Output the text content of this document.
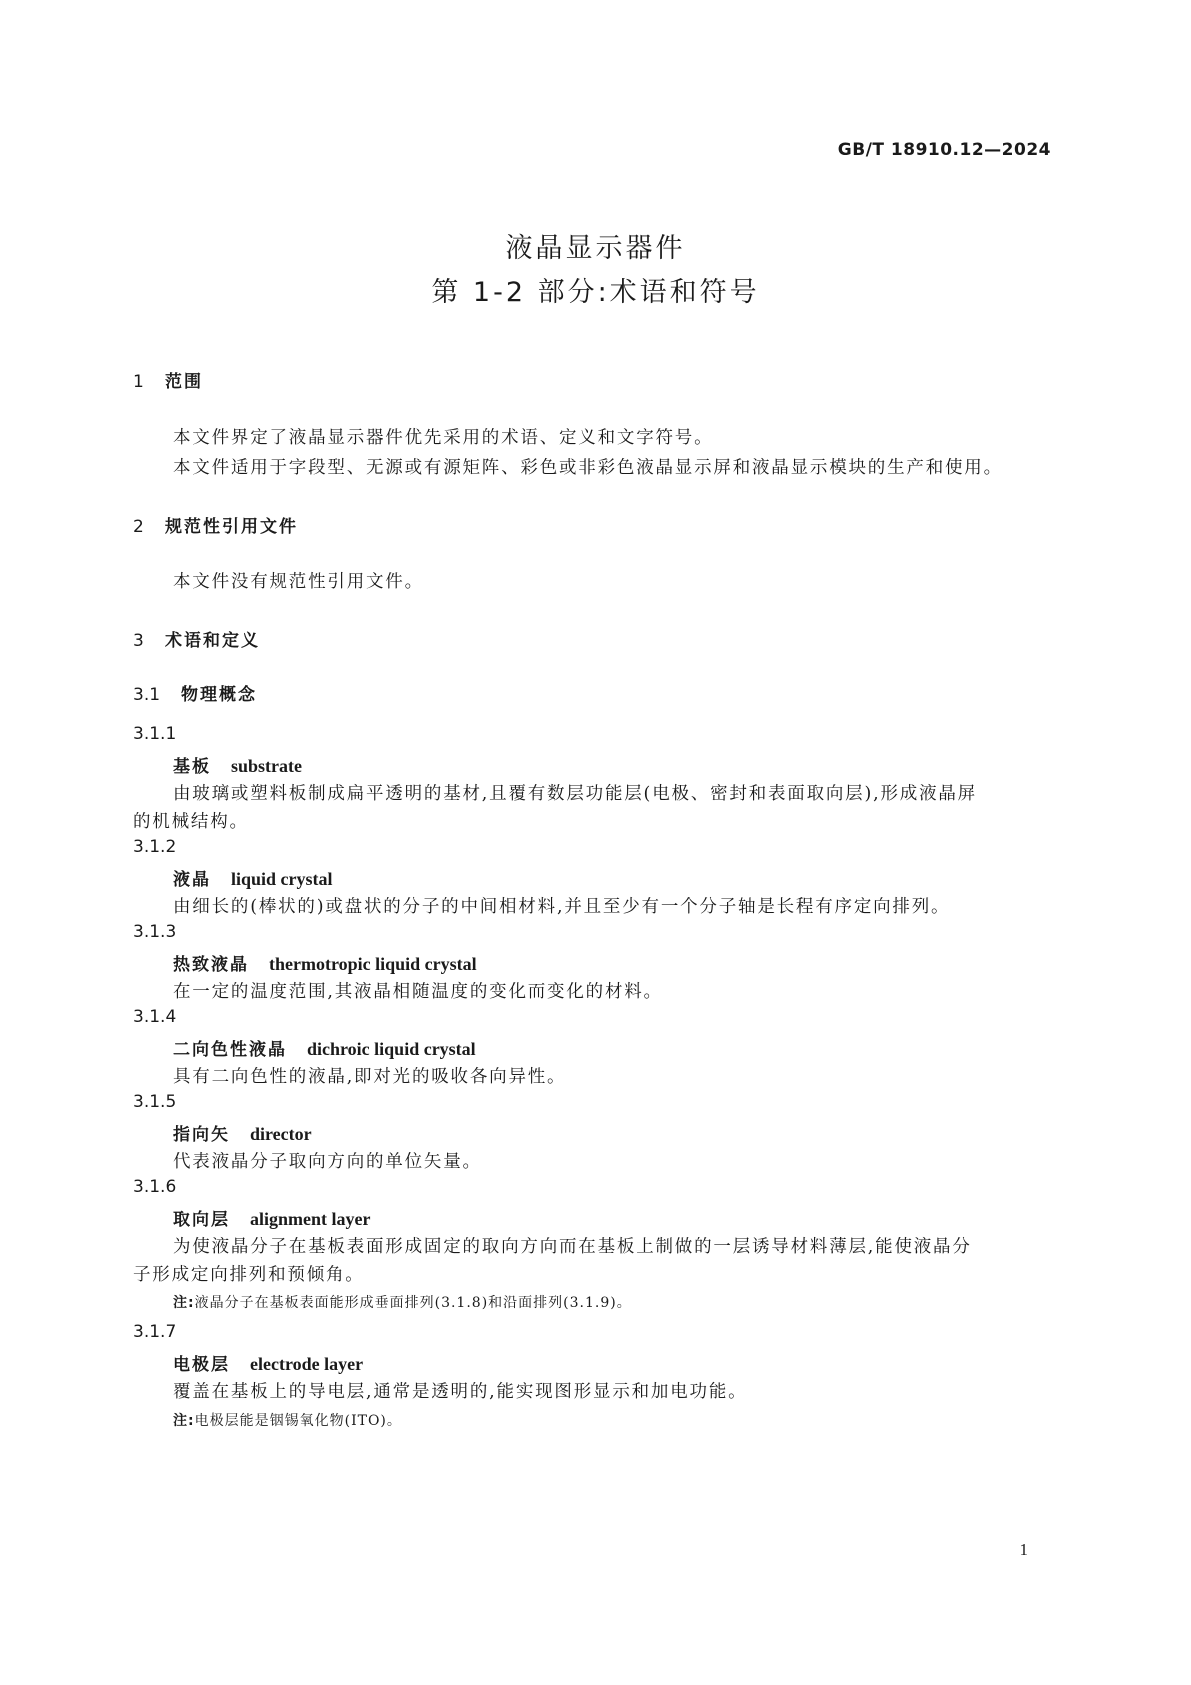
GB/T 18910.12—2024
液晶显示器件
第 1-2 部分:术语和符号
1 范围
本文件界定了液晶显示器件优先采用的术语、定义和文字符号。
本文件适用于字段型、无源或有源矩阵、彩色或非彩色液晶显示屏和液晶显示模块的生产和使用。
2 规范性引用文件
本文件没有规范性引用文件。
3 术语和定义
3.1 物理概念
3.1.1
基板 substrate
由玻璃或塑料板制成扁平透明的基材,且覆有数层功能层(电极、密封和表面取向层),形成液晶屏
的机械结构。
3.1.2
液晶 liquid crystal
由细长的(棒状的)或盘状的分子的中间相材料,并且至少有一个分子轴是长程有序定向排列。
3.1.3
热致液晶 thermotropic liquid crystal
在一定的温度范围,其液晶相随温度的变化而变化的材料。
3.1.4
二向色性液晶 dichroic liquid crystal
具有二向色性的液晶,即对光的吸收各向异性。
3.1.5
指向矢 director
代表液晶分子取向方向的单位矢量。
3.1.6
取向层 alignment layer
为使液晶分子在基板表面形成固定的取向方向而在基板上制做的一层诱导材料薄层,能使液晶分
子形成定向排列和预倾角。
注:液晶分子在基板表面能形成垂面排列(3.1.8)和沿面排列(3.1.9)。
3.1.7
电极层 electrode layer
覆盖在基板上的导电层,通常是透明的,能实现图形显示和加电功能。
注:电极层能是铟锡氧化物(ITO)。
1
